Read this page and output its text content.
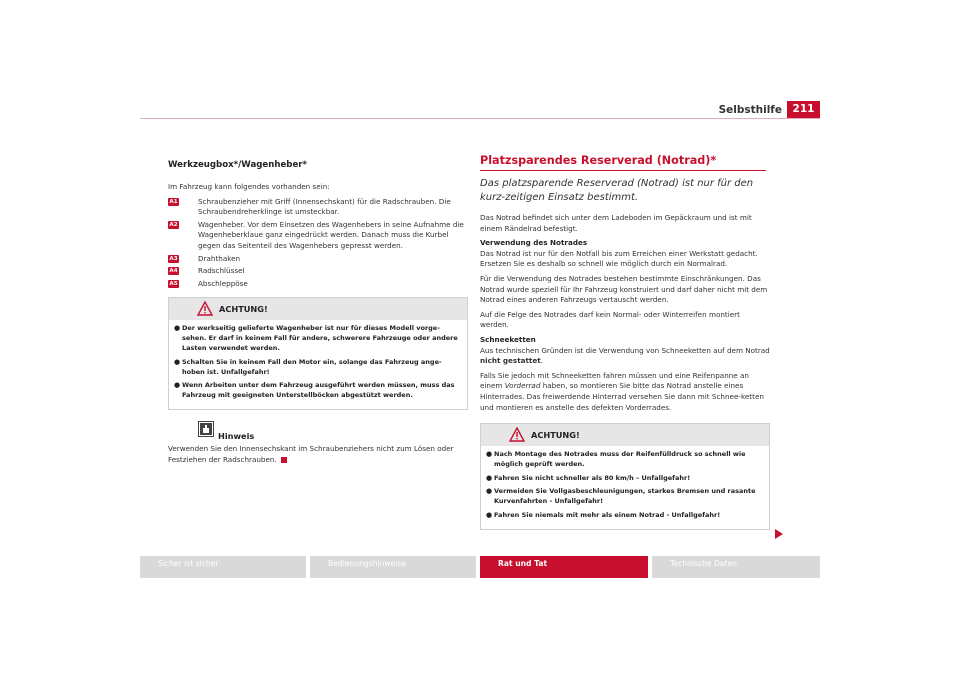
Selbsthilfe	211
Werkzeugbox*/Wagenheber*
Im Fahrzeug kann folgendes vorhanden sein:
A1	Schraubenzieher mit Griff (Innensechskant) für die Radschrauben. Die Schraubendreherklinge ist umsteckbar.
A2	Wagenheber. Vor dem Einsetzen des Wagenhebers in seine Aufnahme die Wagenheberklaue ganz eingedrückt werden. Danach muss die Kurbel gegen das Seitenteil des Wagenhebers gepresst werden.
A3	Drahthaken
A4	Radschlüssel
A5	Abschleppöse
ACHTUNG!
● Der werkseitig gelieferte Wagenheber ist nur für dieses Modell vorge-sehen. Er darf in keinem Fall für andere, schwerere Fahrzeuge oder andere Lasten verwendet werden.
● Schalten Sie in keinem Fall den Motor ein, solange das Fahrzeug ange-hoben ist. Unfallgefahr!
● Wenn Arbeiten unter dem Fahrzeug ausgeführt werden müssen, muss das Fahrzeug mit geeigneten Unterstellböcken abgestützt werden.
Hinweis
Verwenden Sie den Innensechskant im Schraubenziehers nicht zum Lösen oder Festziehen der Radschrauben.
Platzsparendes Reserverad (Notrad)*
Das platzsparende Reserverad (Notrad) ist nur für den kurz-zeitigen Einsatz bestimmt.
Das Notrad befindet sich unter dem Ladeboden im Gepäckraum und ist mit einem Rändelrad befestigt.
Verwendung des Notrades
Das Notrad ist nur für den Notfall bis zum Erreichen einer Werkstatt gedacht. Ersetzen Sie es deshalb so schnell wie möglich durch ein Normalrad.
Für die Verwendung des Notrades bestehen bestimmte Einschränkungen. Das Notrad wurde speziell für Ihr Fahrzeug konstruiert und darf daher nicht mit dem Notrad eines anderen Fahrzeugs vertauscht werden.
Auf die Felge des Notrades darf kein Normal- oder Winterreifen montiert werden.
Schneeketten
Aus technischen Gründen ist die Verwendung von Schneeketten auf dem Notrad nicht gestattet.
Falls Sie jedoch mit Schneeketten fahren müssen und eine Reifenpanne an einem Vorderrad haben, so montieren Sie bitte das Notrad anstelle eines Hinterrades. Das freiwerdende Hinterrad versehen Sie dann mit Schnee-ketten und montieren es anstelle des defekten Vorderrades.
ACHTUNG!
● Nach Montage des Notrades muss der Reifenfülldruck so schnell wie möglich geprüft werden.
● Fahren Sie nicht schneller als 80 km/h – Unfallgefahr!
● Vermeiden Sie Vollgasbeschleunigungen, starkes Bremsen und rasante Kurvenfahrten - Unfallgefahr!
● Fahren Sie niemals mit mehr als einem Notrad - Unfallgefahr!
Sicher ist sicher	Bedienungshinweise	Rat und Tat	Technische Daten
